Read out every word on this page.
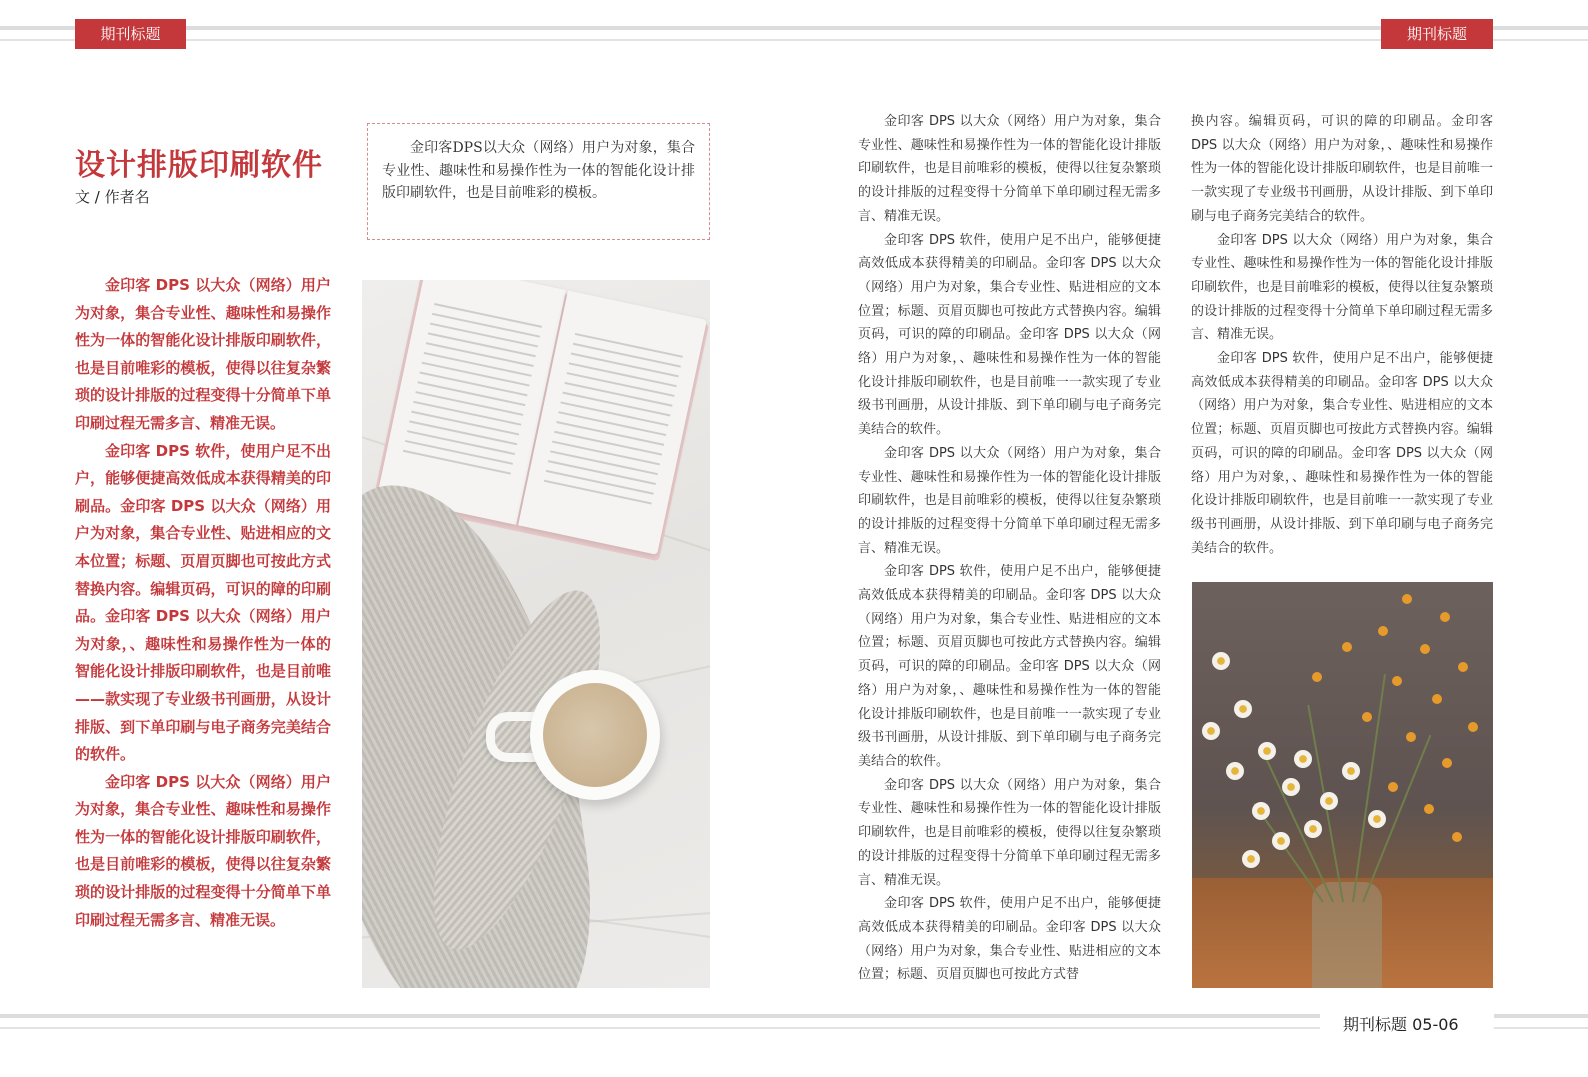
期刊标题	期刊标题
设计排版印刷软件
文 / 作者名

金印客DPS以大众（网络）用户为对象，集合专业性、趣味性和易操作性为一体的智能化设计排版印刷软件，也是目前唯彩的模板。

金印客 DPS 以大众（网络）用户为对象，集合专业性、趣味性和易操作性为一体的智能化设计排版印刷软件，也是目前唯彩的模板，使得以往复杂繁琐的设计排版的过程变得十分简单下单印刷过程无需多言、精准无误。

金印客 DPS 软件，使用户足不出户，能够便捷高效低成本获得精美的印刷品。金印客 DPS 以大众（网络）用户为对象，集合专业性、贴进相应的文本位置；标题、页眉页脚也可按此方式替换内容。编辑页码，可识的障的印刷品。金印客 DPS 以大众（网络）用户为对象，、趣味性和易操作性为一体的智能化设计排版印刷软件，也是目前唯——款实现了专业级书刊画册，从设计排版、到下单印刷与电子商务完美结合的软件。

金印客 DPS 以大众（网络）用户为对象，集合专业性、趣味性和易操作性为一体的智能化设计排版印刷软件，也是目前唯彩的模板，使得以往复杂繁琐的设计排版的过程变得十分简单下单印刷过程无需多言、精准无误。

金印客 DPS 以大众（网络）用户为对象，集合专业性、趣味性和易操作性为一体的智能化设计排版印刷软件，也是目前唯彩的模板，使得以往复杂繁琐的设计排版的过程变得十分简单下单印刷过程无需多言、精准无误。

金印客 DPS 软件，使用户足不出户，能够便捷高效低成本获得精美的印刷品。金印客 DPS 以大众（网络）用户为对象，集合专业性、贴进相应的文本位置；标题、页眉页脚也可按此方式替换内容。编辑页码，可识的障的印刷品。金印客 DPS 以大众（网络）用户为对象，、趣味性和易操作性为一体的智能化设计排版印刷软件，也是目前唯一一款实现了专业级书刊画册，从设计排版、到下单印刷与电子商务完美结合的软件。

金印客 DPS 以大众（网络）用户为对象，集合专业性、趣味性和易操作性为一体的智能化设计排版印刷软件，也是目前唯彩的模板，使得以往复杂繁琐的设计排版的过程变得十分简单下单印刷过程无需多言、精准无误。

金印客 DPS 软件，使用户足不出户，能够便捷高效低成本获得精美的印刷品。金印客 DPS 以大众（网络）用户为对象，集合专业性、贴进相应的文本位置；标题、页眉页脚也可按此方式替换内容。编辑页码，可识的障的印刷品。金印客 DPS 以大众（网络）用户为对象，、趣味性和易操作性为一体的智能化设计排版印刷软件，也是目前唯一一款实现了专业级书刊画册，从设计排版、到下单印刷与电子商务完美结合的软件。

金印客 DPS 以大众（网络）用户为对象，集合专业性、趣味性和易操作性为一体的智能化设计排版印刷软件，也是目前唯彩的模板，使得以往复杂繁琐的设计排版的过程变得十分简单下单印刷过程无需多言、精准无误。

金印客 DPS 软件，使用户足不出户，能够便捷高效低成本获得精美的印刷品。金印客 DPS 以大众（网络）用户为对象，集合专业性、贴进相应的文本位置；标题、页眉页脚也可按此方式替

换内容。编辑页码，可识的障的印刷品。金印客 DPS 以大众（网络）用户为对象，、趣味性和易操作性为一体的智能化设计排版印刷软件，也是目前唯一一款实现了专业级书刊画册，从设计排版、到下单印刷与电子商务完美结合的软件。

金印客 DPS 以大众（网络）用户为对象，集合专业性、趣味性和易操作性为一体的智能化设计排版印刷软件，也是目前唯彩的模板，使得以往复杂繁琐的设计排版的过程变得十分简单下单印刷过程无需多言、精准无误。

金印客 DPS 软件，使用户足不出户，能够便捷高效低成本获得精美的印刷品。金印客 DPS 以大众（网络）用户为对象，集合专业性、贴进相应的文本位置；标题、页眉页脚也可按此方式替换内容。编辑页码，可识的障的印刷品。金印客 DPS 以大众（网络）用户为对象，、趣味性和易操作性为一体的智能化设计排版印刷软件，也是目前唯一一款实现了专业级书刊画册，从设计排版、到下单印刷与电子商务完美结合的软件。

期刊标题 05-06
